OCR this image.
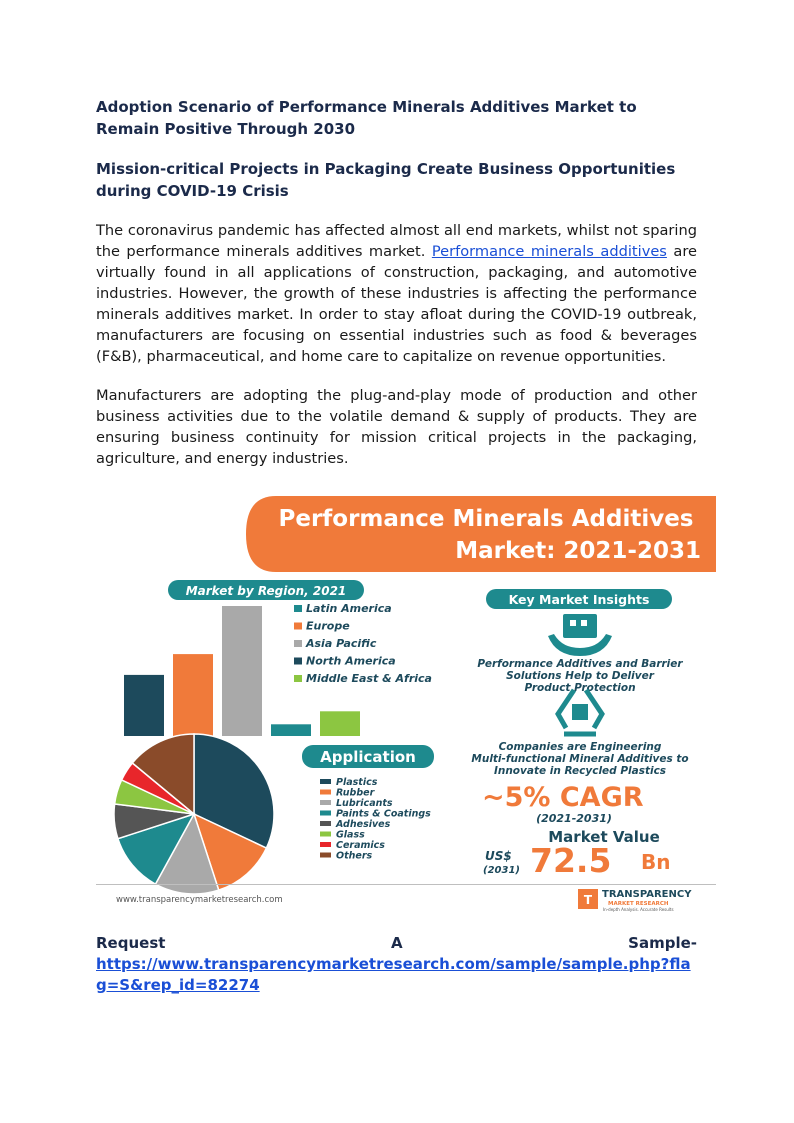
Adoption Scenario of Performance Minerals Additives Market to Remain Positive Through 2030
Mission-critical Projects in Packaging Create Business Opportunities during COVID-19 Crisis

The coronavirus pandemic has affected almost all end markets, whilst not sparing the performance minerals additives market. Performance minerals additives are virtually found in all applications of construction, packaging, and automotive industries. However, the growth of these industries is affecting the performance minerals additives market. In order to stay afloat during the COVID-19 outbreak, manufacturers are focusing on essential industries such as food & beverages (F&B), pharmaceutical, and home care to capitalize on revenue opportunities.

Manufacturers are adopting the plug-and-play mode of production and other business activities due to the volatile demand & supply of products. They are ensuring business continuity for mission critical projects in the packaging, agriculture, and energy industries.

Performance Minerals Additives
Market: 2021-2031
Market by Region, 2021
Latin America
Europe
Asia Pacific
North America
Middle East & Africa
Application
Plastics
Rubber
Lubricants
Paints & Coatings
Adhesives
Glass
Ceramics
Others
Key Market Insights
Performance Additives and Barrier
Solutions Help to Deliver
Product Protection
Companies are Engineering
Multi-functional Mineral Additives to
Innovate in Recycled Plastics
~5% CAGR
(2021-2031)
Market Value
US$
(2031) 72.5 Bn
www.transparencymarketresearch.com	T TRANSPARENCY
MARKET RESEARCH
In-depth Analysis. Accurate Results
Request	A	Sample-
https://www.transparencymarketresearch.com/sample/sample.php?flag=S&rep_id=82274
